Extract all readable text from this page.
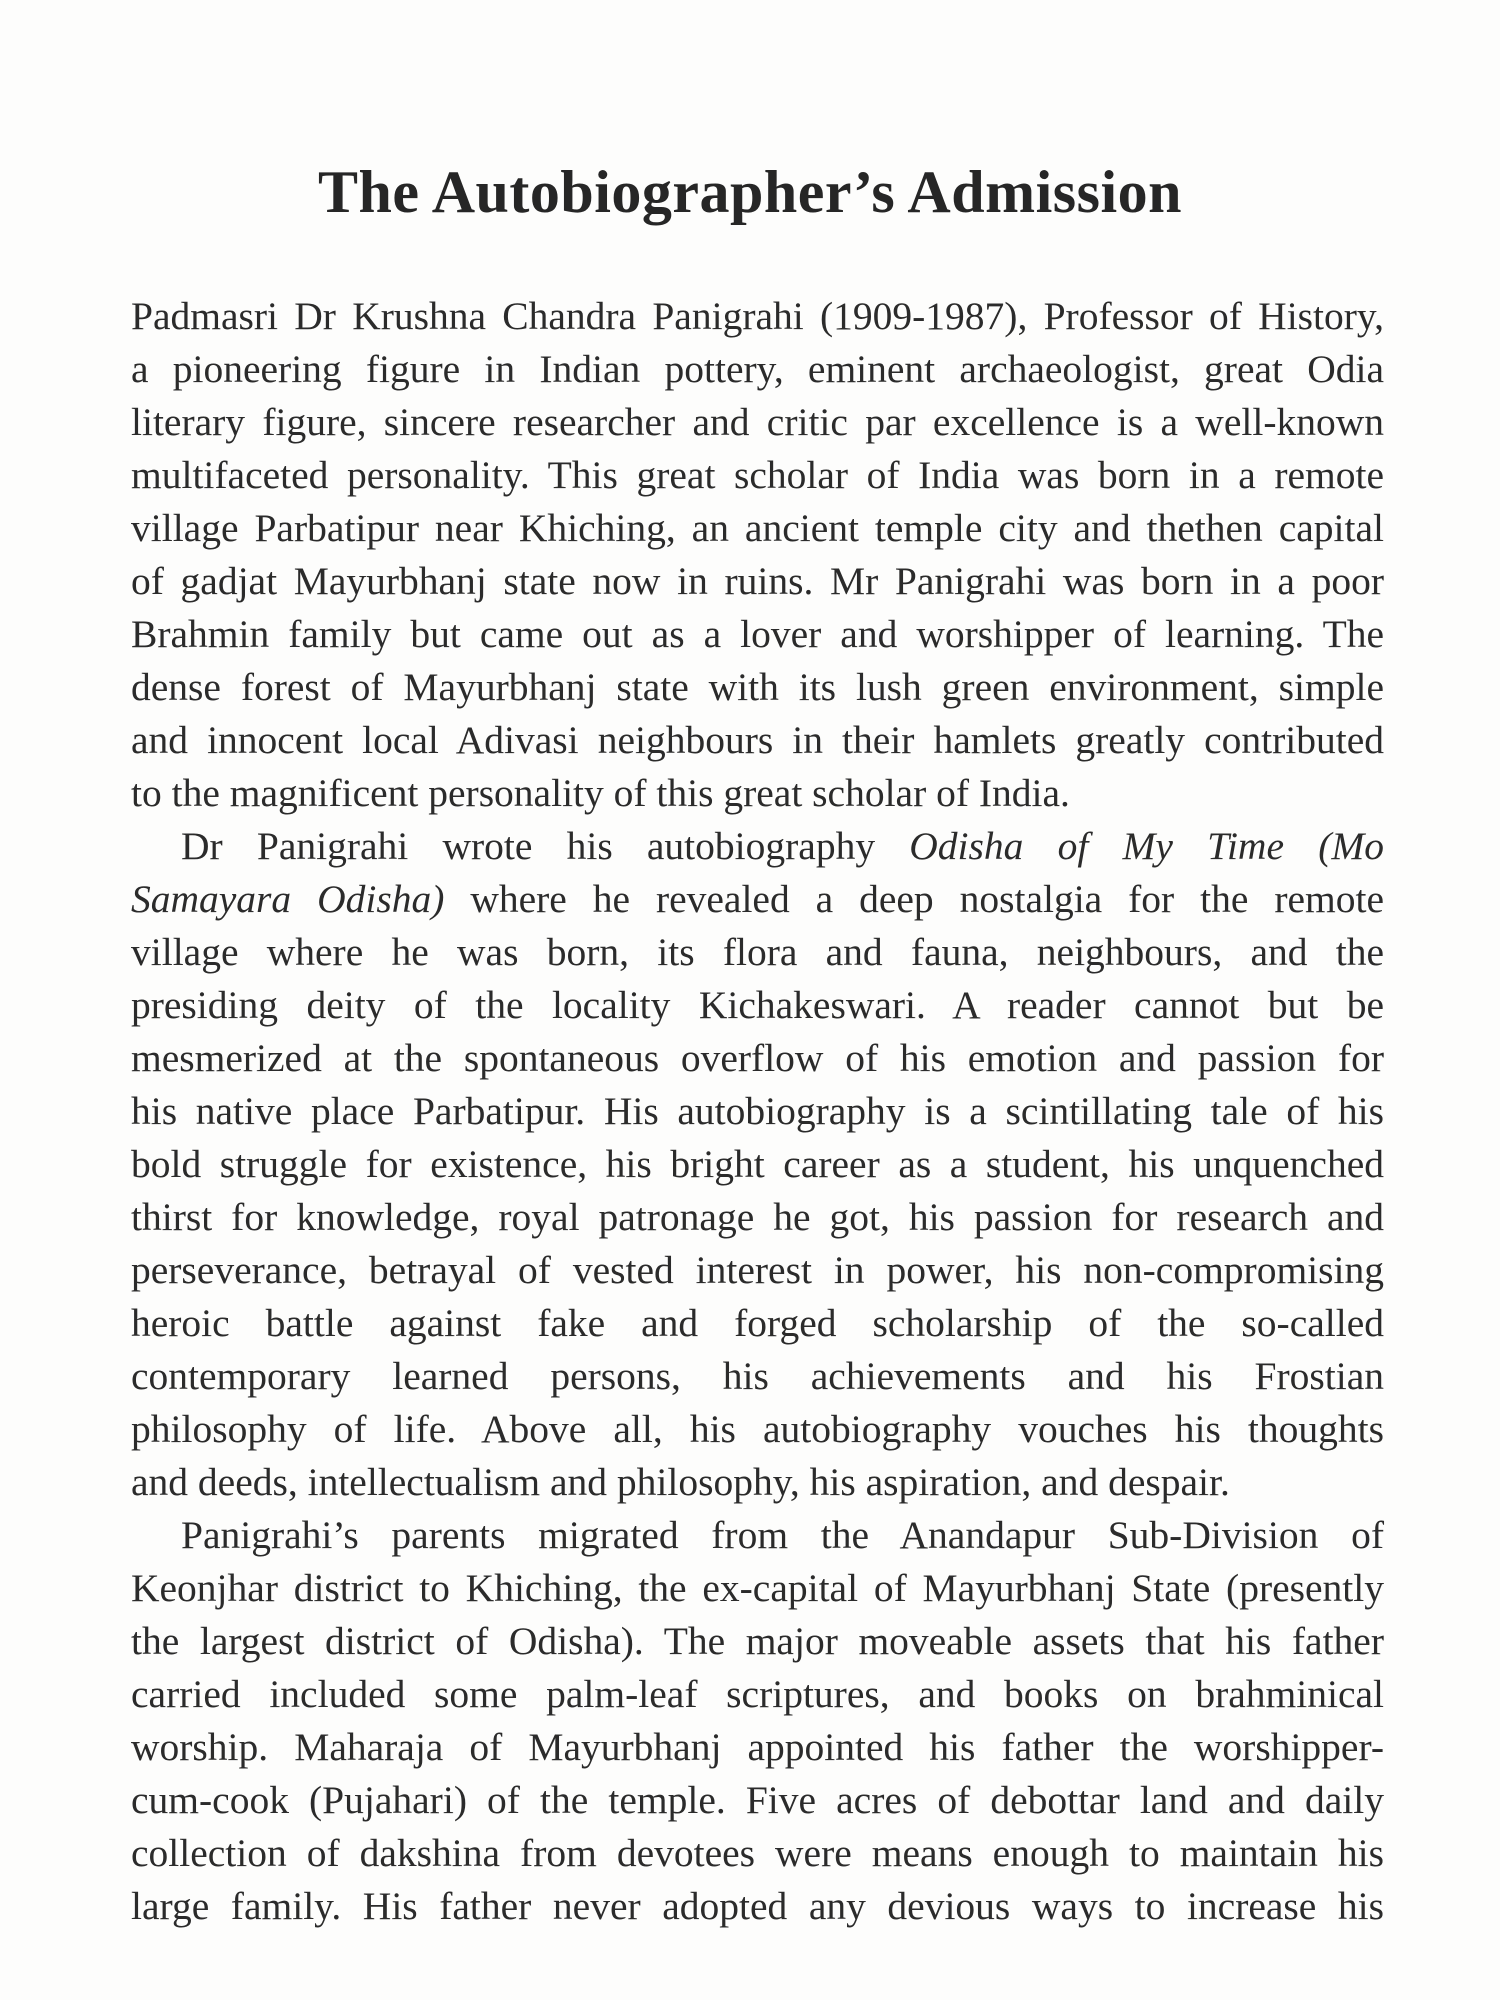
The Autobiographer’s Admission

Padmasri Dr Krushna Chandra Panigrahi (1909-1987), Professor of History,
a pioneering figure in Indian pottery, eminent archaeologist, great Odia
literary figure, sincere researcher and critic par excellence is a well-known
multifaceted personality. This great scholar of India was born in a remote
village Parbatipur near Khiching, an ancient temple city and thethen capital
of gadjat Mayurbhanj state now in ruins. Mr Panigrahi was born in a poor
Brahmin family but came out as a lover and worshipper of learning. The
dense forest of Mayurbhanj state with its lush green environment, simple
and innocent local Adivasi neighbours in their hamlets greatly contributed
to the magnificent personality of this great scholar of India.

Dr Panigrahi wrote his autobiography Odisha of My Time (Mo
Samayara Odisha) where he revealed a deep nostalgia for the remote
village where he was born, its flora and fauna, neighbours, and the
presiding deity of the locality Kichakeswari. A reader cannot but be
mesmerized at the spontaneous overflow of his emotion and passion for
his native place Parbatipur. His autobiography is a scintillating tale of his
bold struggle for existence, his bright career as a student, his unquenched
thirst for knowledge, royal patronage he got, his passion for research and
perseverance, betrayal of vested interest in power, his non-compromising
heroic battle against fake and forged scholarship of the so-called
contemporary learned persons, his achievements and his Frostian
philosophy of life. Above all, his autobiography vouches his thoughts
and deeds, intellectualism and philosophy, his aspiration, and despair.

Panigrahi’s parents migrated from the Anandapur Sub-Division of
Keonjhar district to Khiching, the ex-capital of Mayurbhanj State (presently
the largest district of Odisha). The major moveable assets that his father
carried included some palm-leaf scriptures, and books on brahminical
worship. Maharaja of Mayurbhanj appointed his father the worshipper-
cum-cook (Pujahari) of the temple. Five acres of debottar land and daily
collection of dakshina from devotees were means enough to maintain his
large family. His father never adopted any devious ways to increase his
